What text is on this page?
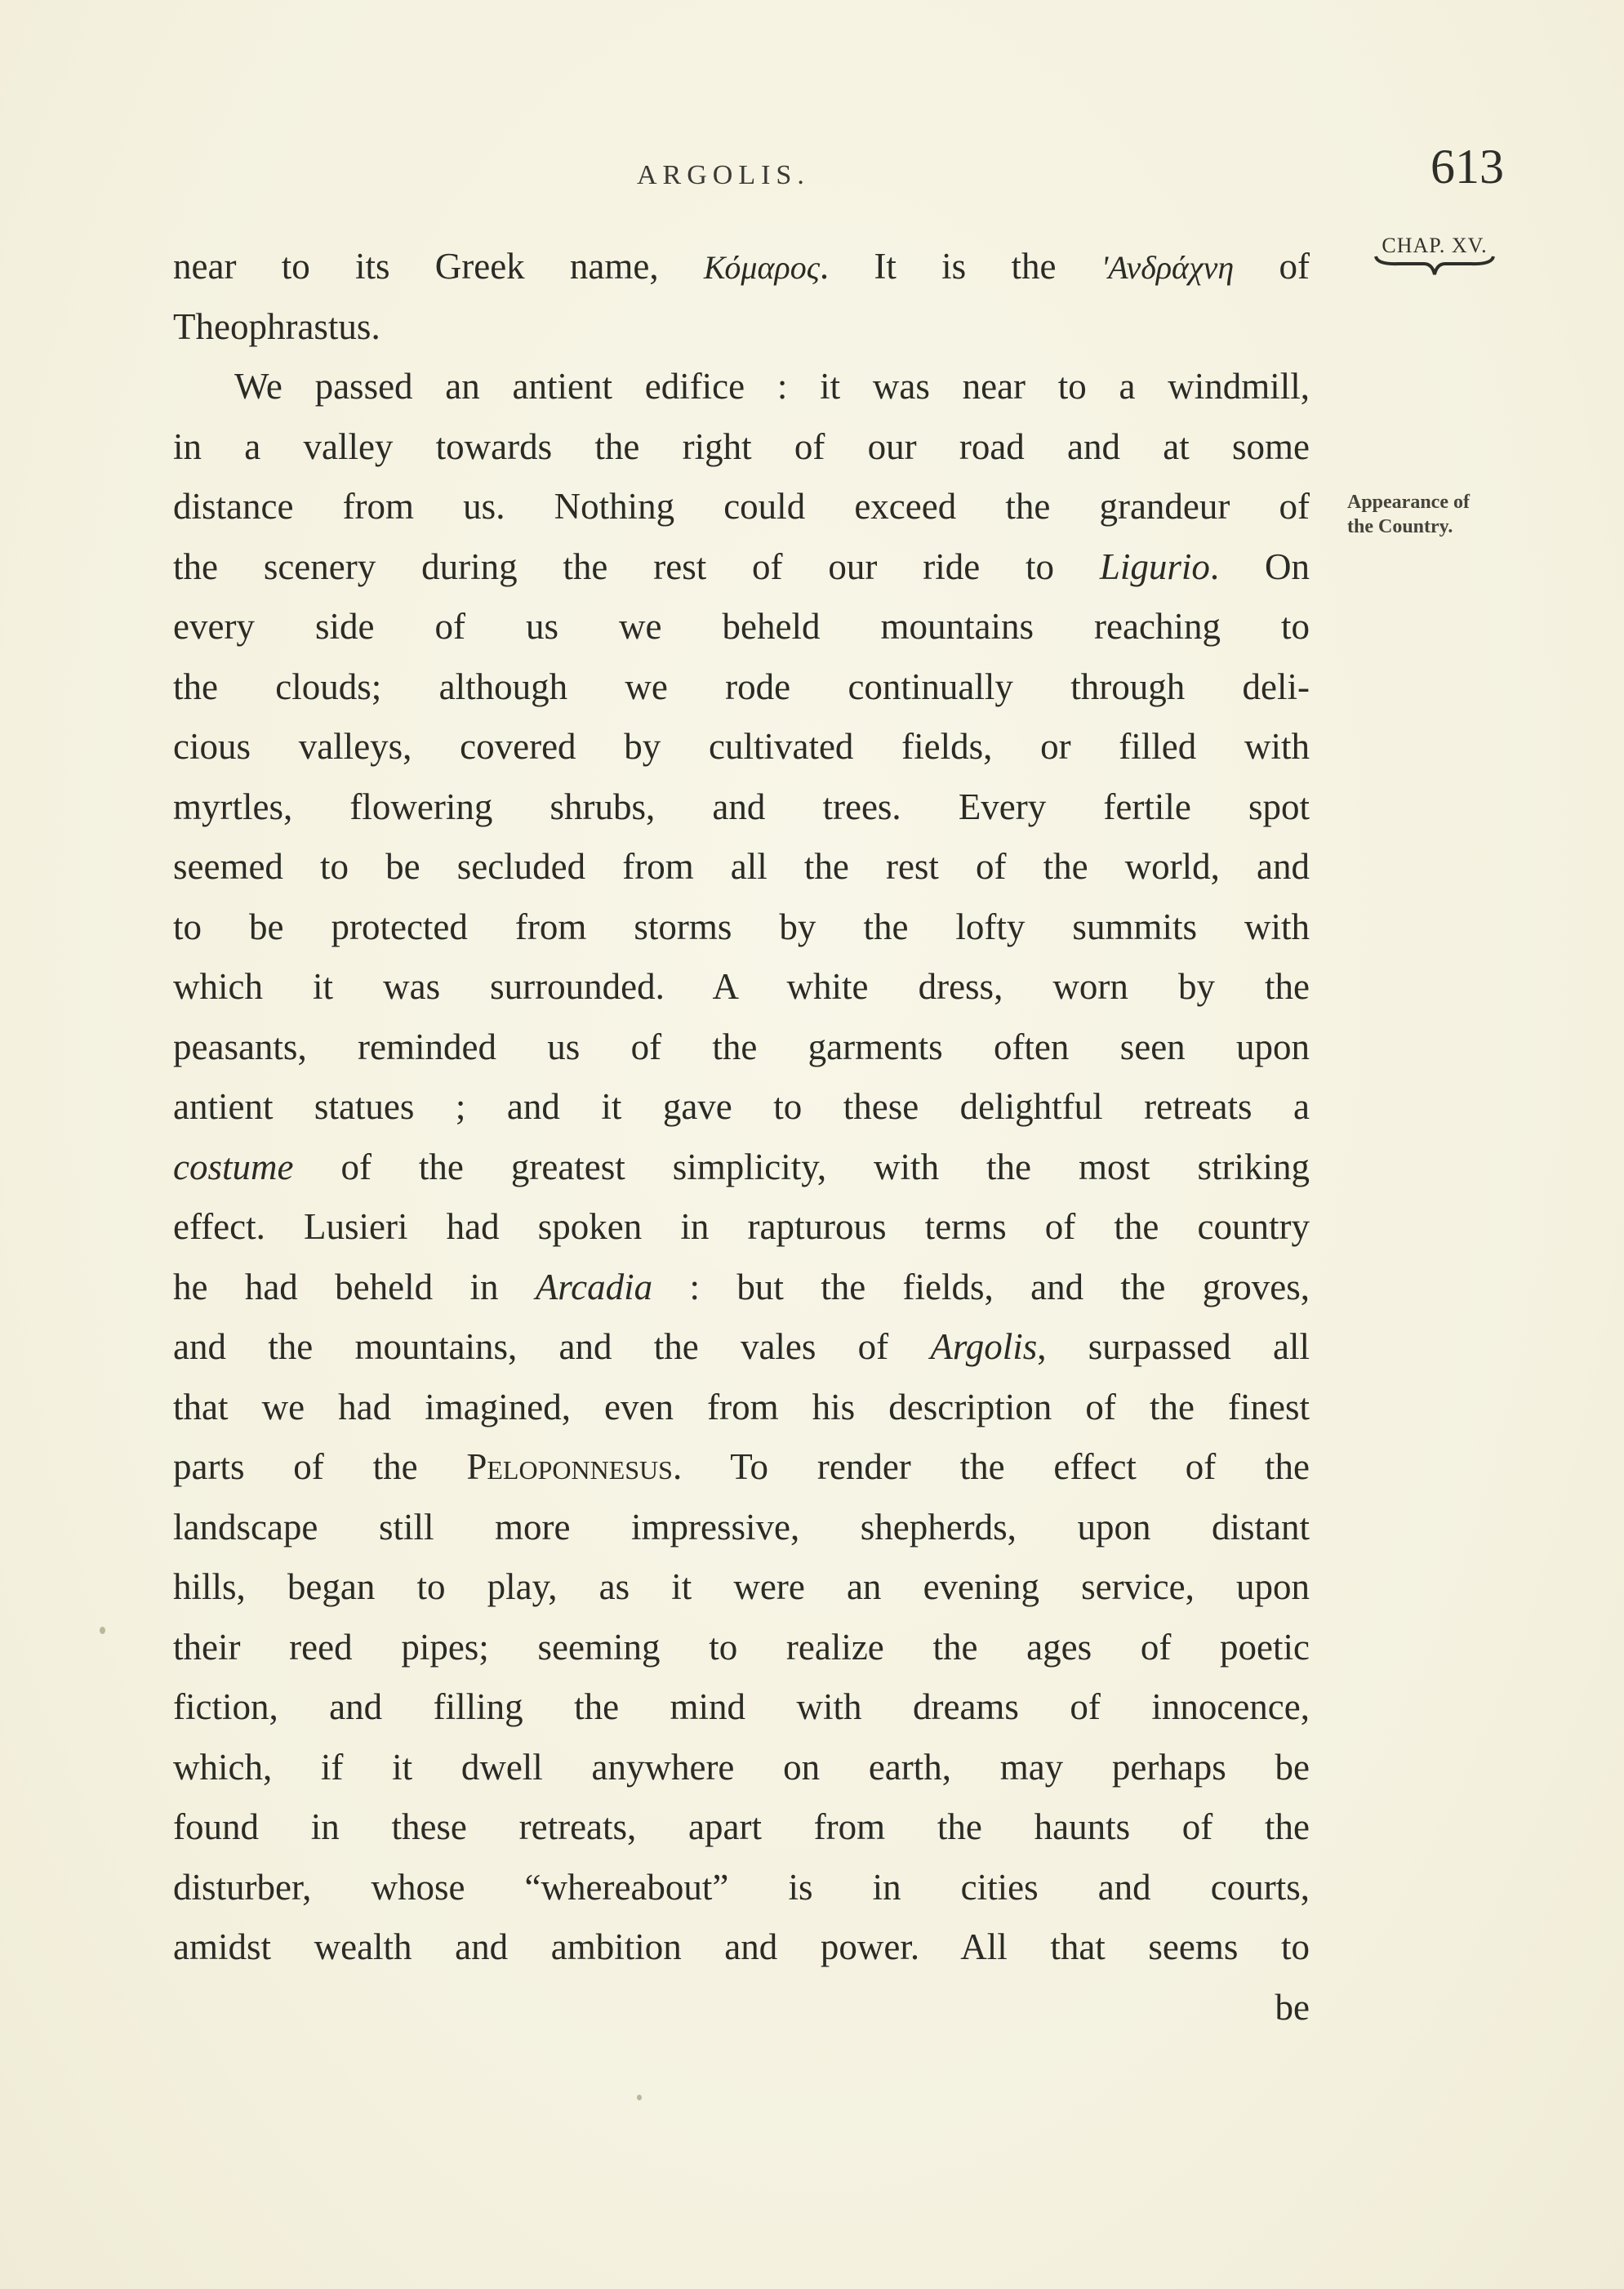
ARGOLIS.	613
CHAP. XV.
Appearance of
the Country.
near to its Greek name, Κόμαρος. It is the 'Ανδράχνη of
Theophrastus.
We passed an antient edifice : it was near to a windmill,
in a valley towards the right of our road and at some
distance from us. Nothing could exceed the grandeur of
the scenery during the rest of our ride to Ligurio. On
every side of us we beheld mountains reaching to
the clouds; although we rode continually through deli-
cious valleys, covered by cultivated fields, or filled with
myrtles, flowering shrubs, and trees. Every fertile spot
seemed to be secluded from all the rest of the world, and
to be protected from storms by the lofty summits with
which it was surrounded. A white dress, worn by the
peasants, reminded us of the garments often seen upon
antient statues ; and it gave to these delightful retreats a
costume of the greatest simplicity, with the most striking
effect. Lusieri had spoken in rapturous terms of the country
he had beheld in Arcadia : but the fields, and the groves,
and the mountains, and the vales of Argolis, surpassed all
that we had imagined, even from his description of the finest
parts of the Peloponnesus. To render the effect of the
landscape still more impressive, shepherds, upon distant
hills, began to play, as it were an evening service, upon
their reed pipes; seeming to realize the ages of poetic
fiction, and filling the mind with dreams of innocence,
which, if it dwell anywhere on earth, may perhaps be
found in these retreats, apart from the haunts of the
disturber, whose “whereabout” is in cities and courts,
amidst wealth and ambition and power. All that seems to
be
